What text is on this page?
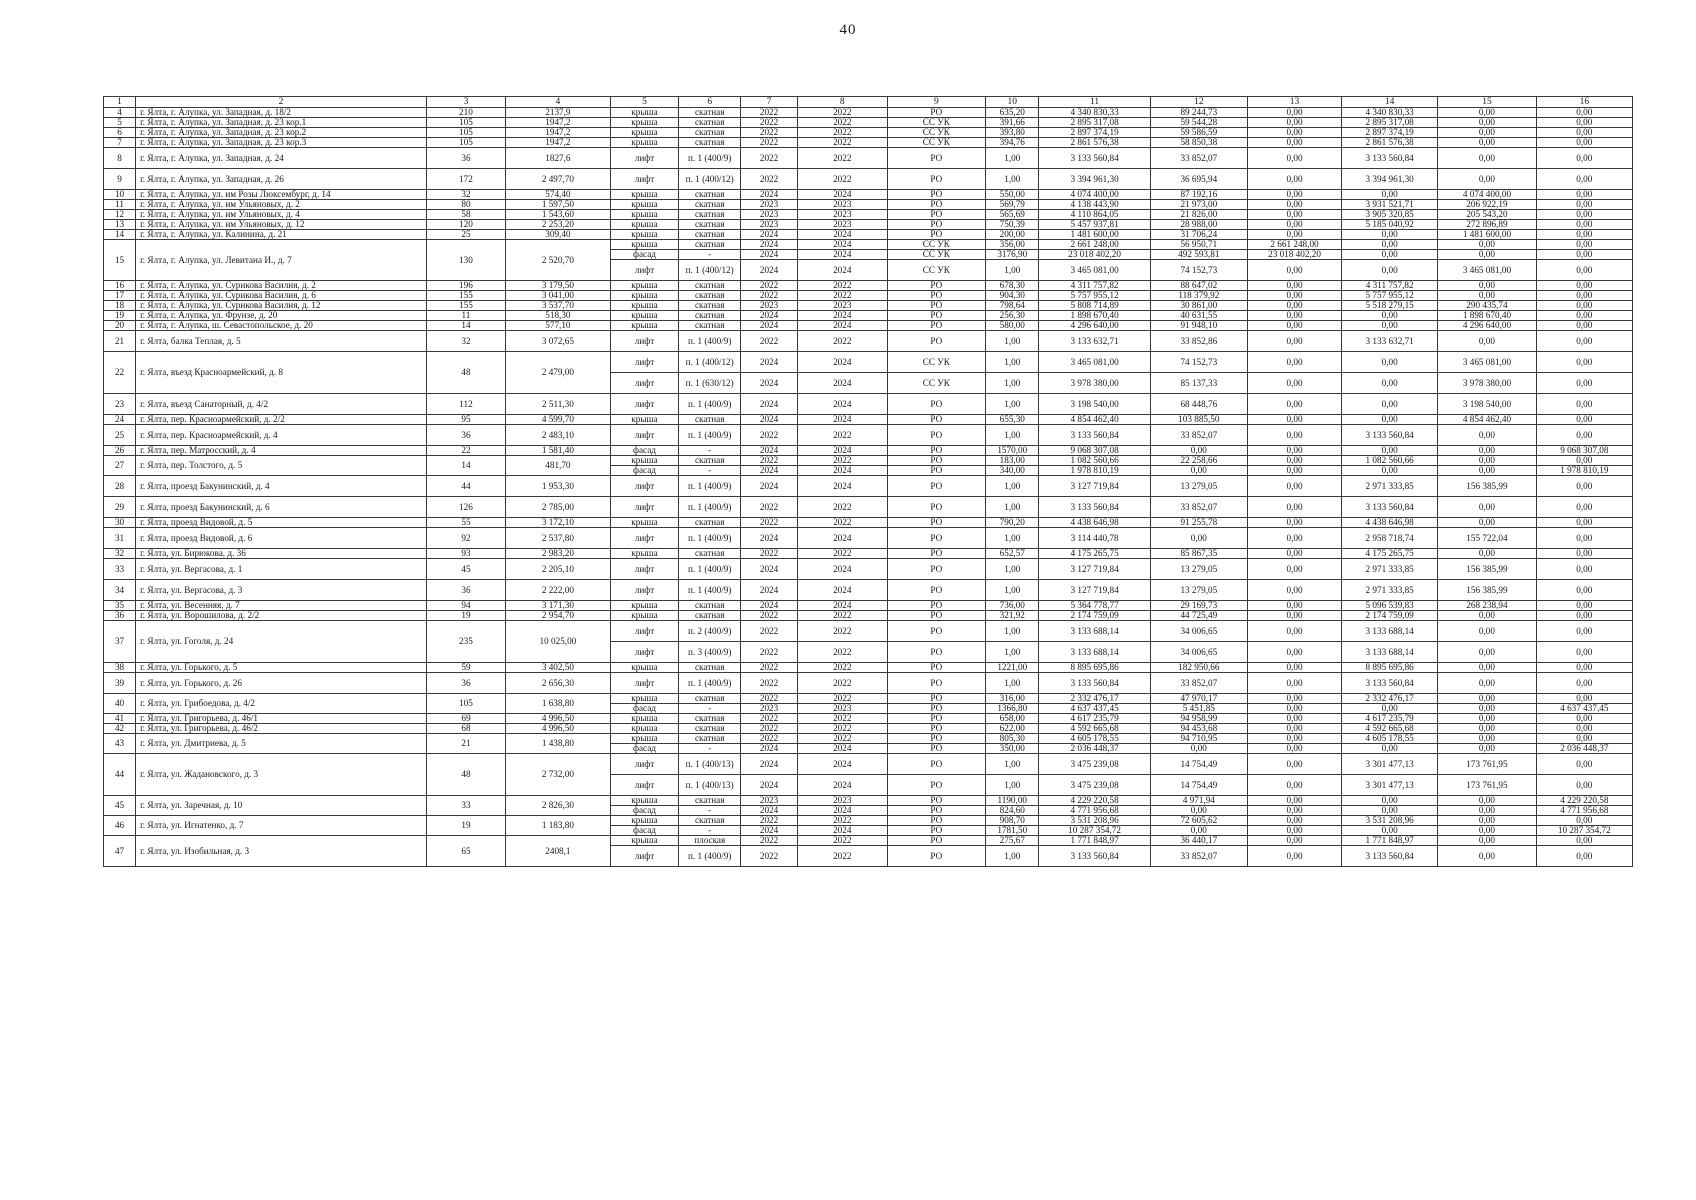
40
1	2	3	4	5	6	7	8	9	10	11	12	13	14	15	16
4	г. Ялта, г. Алупка, ул. Западная, д. 18/2	210	2137,9	крыша	скатная	2022	2022	РО	635,20	4 340 830,33	89 244,73	0,00	4 340 830,33	0,00	0,00
5	г. Ялта, г. Алупка, ул. Западная, д. 23 кор.1	105	1947,2	крыша	скатная	2022	2022	СС УК	391,66	2 895 317,08	59 544,28	0,00	2 895 317,08	0,00	0,00
6	г. Ялта, г. Алупка, ул. Западная, д. 23 кор.2	105	1947,2	крыша	скатная	2022	2022	СС УК	393,80	2 897 374,19	59 586,59	0,00	2 897 374,19	0,00	0,00
7	г. Ялта, г. Алупка, ул. Западная, д. 23 кор.3	105	1947,2	крыша	скатная	2022	2022	СС УК	394,76	2 861 576,38	58 850,38	0,00	2 861 576,38	0,00	0,00
8	г. Ялта, г. Алупка, ул. Западная, д. 24	36	1827,6	лифт	п. 1 (400/9)	2022	2022	РО	1,00	3 133 560,84	33 852,07	0,00	3 133 560,84	0,00	0,00
9	г. Ялта, г. Алупка, ул. Западная, д. 26	172	2 497,70	лифт	п. 1 (400/12)	2022	2022	РО	1,00	3 394 961,30	36 695,94	0,00	3 394 961,30	0,00	0,00
10	г. Ялта, г. Алупка, ул. им Розы Люксембург, д. 14	32	574,40	крыша	скатная	2024	2024	РО	550,00	4 074 400,00	87 192,16	0,00	0,00	4 074 400,00	0,00
11	г. Ялта, г. Алупка, ул. им Ульяновых, д. 2	80	1 597,50	крыша	скатная	2023	2023	РО	569,79	4 138 443,90	21 973,00	0,00	3 931 521,71	206 922,19	0,00
12	г. Ялта, г. Алупка, ул. им Ульяновых, д. 4	58	1 543,60	крыша	скатная	2023	2023	РО	565,69	4 110 864,05	21 826,00	0,00	3 905 320,85	205 543,20	0,00
13	г. Ялта, г. Алупка, ул. им Ульяновых, д. 12	120	2 253,20	крыша	скатная	2023	2023	РО	750,39	5 457 937,81	28 988,00	0,00	5 185 040,92	272 896,89	0,00
14	г. Ялта, г. Алупка, ул. Калинина, д. 21	25	309,40	крыша	скатная	2024	2024	РО	200,00	1 481 600,00	31 706,24	0,00	0,00	1 481 600,00	0,00
15	г. Ялта, г. Алупка, ул. Левитана И., д. 7	130	2 520,70	крыша	скатная	2024	2024	СС УК	356,00	2 661 248,00	56 950,71	2 661 248,00	0,00	0,00	0,00
				фасад	-	2024	2024	СС УК	3176,90	23 018 402,20	492 593,81	23 018 402,20	0,00	0,00	0,00
				лифт	п. 1 (400/12)	2024	2024	СС УК	1,00	3 465 081,00	74 152,73	0,00	0,00	3 465 081,00	0,00
16	г. Ялта, г. Алупка, ул. Сурикова Василия, д. 2	196	3 179,50	крыша	скатная	2022	2022	РО	678,30	4 311 757,82	88 647,02	0,00	4 311 757,82	0,00	0,00
17	г. Ялта, г. Алупка, ул. Сурикова Василия, д. 6	155	3 041,00	крыша	скатная	2022	2022	РО	904,30	5 757 955,12	118 379,92	0,00	5 757 955,12	0,00	0,00
18	г. Ялта, г. Алупка, ул. Сурикова Василия, д. 12	155	3 537,70	крыша	скатная	2023	2023	РО	798,64	5 808 714,89	30 861,00	0,00	5 518 279,15	290 435,74	0,00
19	г. Ялта, г. Алупка, ул. Фрунзе, д. 20	11	518,30	крыша	скатная	2024	2024	РО	256,30	1 898 670,40	40 631,55	0,00	0,00	1 898 670,40	0,00
20	г. Ялта, г. Алупка, ш. Севастопольское, д. 20	14	577,10	крыша	скатная	2024	2024	РО	580,00	4 296 640,00	91 948,10	0,00	0,00	4 296 640,00	0,00
21	г. Ялта, балка Теплая, д. 5	32	3 072,65	лифт	п. 1 (400/9)	2022	2022	РО	1,00	3 133 632,71	33 852,86	0,00	3 133 632,71	0,00	0,00
22	г. Ялта, въезд Красноармейский, д. 8	48	2 479,00	лифт	п. 1 (400/12)	2024	2024	СС УК	1,00	3 465 081,00	74 152,73	0,00	0,00	3 465 081,00	0,00
				лифт	п. 1 (630/12)	2024	2024	СС УК	1,00	3 978 380,00	85 137,33	0,00	0,00	3 978 380,00	0,00
23	г. Ялта, въезд Санаторный, д. 4/2	112	2 511,30	лифт	п. 1 (400/9)	2024	2024	РО	1,00	3 198 540,00	68 448,76	0,00	0,00	3 198 540,00	0,00
24	г. Ялта, пер. Красноармейский, д. 2/2	95	4 599,70	крыша	скатная	2024	2024	РО	655,30	4 854 462,40	103 885,50	0,00	0,00	4 854 462,40	0,00
25	г. Ялта, пер. Красноармейский, д. 4	36	2 483,10	лифт	п. 1 (400/9)	2022	2022	РО	1,00	3 133 560,84	33 852,07	0,00	3 133 560,84	0,00	0,00
26	г. Ялта, пер. Матросский, д. 4	22	1 581,40	фасад	-	2024	2024	РО	1570,00	9 068 307,08	0,00	0,00	0,00	0,00	9 068 307,08
27	г. Ялта, пер. Толстого, д. 5	14	481,70	крыша	скатная	2022	2022	РО	183,00	1 082 560,66	22 258,66	0,00	1 082 560,66	0,00	0,00
				фасад	-	2024	2024	РО	340,00	1 978 810,19	0,00	0,00	0,00	0,00	1 978 810,19
28	г. Ялта, проезд Бакунинский, д. 4	44	1 953,30	лифт	п. 1 (400/9)	2024	2024	РО	1,00	3 127 719,84	13 279,05	0,00	2 971 333,85	156 385,99	0,00
29	г. Ялта, проезд Бакунинский, д. 6	126	2 785,00	лифт	п. 1 (400/9)	2022	2022	РО	1,00	3 133 560,84	33 852,07	0,00	3 133 560,84	0,00	0,00
30	г. Ялта, проезд Видовой, д. 5	55	3 172,10	крыша	скатная	2022	2022	РО	790,20	4 438 646,98	91 255,78	0,00	4 438 646,98	0,00	0,00
31	г. Ялта, проезд Видовой, д. 6	92	2 537,80	лифт	п. 1 (400/9)	2024	2024	РО	1,00	3 114 440,78	0,00	0,00	2 958 718,74	155 722,04	0,00
32	г. Ялта, ул. Бирюкова, д. 36	93	2 983,20	крыша	скатная	2022	2022	РО	652,57	4 175 265,75	85 867,35	0,00	4 175 265,75	0,00	0,00
33	г. Ялта, ул. Вергасова, д. 1	45	2 205,10	лифт	п. 1 (400/9)	2024	2024	РО	1,00	3 127 719,84	13 279,05	0,00	2 971 333,85	156 385,99	0,00
34	г. Ялта, ул. Вергасова, д. 3	36	2 222,00	лифт	п. 1 (400/9)	2024	2024	РО	1,00	3 127 719,84	13 279,05	0,00	2 971 333,85	156 385,99	0,00
35	г. Ялта, ул. Весенняя, д. 7	94	3 171,30	крыша	скатная	2024	2024	РО	736,00	5 364 778,77	29 169,73	0,00	5 096 539,83	268 238,94	0,00
36	г. Ялта, ул. Ворошилова, д. 2/2	19	2 954,70	крыша	скатная	2022	2022	РО	321,92	2 174 759,09	44 725,49	0,00	2 174 759,09	0,00	0,00
37	г. Ялта, ул. Гоголя, д. 24	235	10 025,00	лифт	п. 2 (400/9)	2022	2022	РО	1,00	3 133 688,14	34 006,65	0,00	3 133 688,14	0,00	0,00
				лифт	п. 3 (400/9)	2022	2022	РО	1,00	3 133 688,14	34 006,65	0,00	3 133 688,14	0,00	0,00
38	г. Ялта, ул. Горького, д. 5	59	3 402,50	крыша	скатная	2022	2022	РО	1221,00	8 895 695,86	182 950,66	0,00	8 895 695,86	0,00	0,00
39	г. Ялта, ул. Горького, д. 26	36	2 656,30	лифт	п. 1 (400/9)	2022	2022	РО	1,00	3 133 560,84	33 852,07	0,00	3 133 560,84	0,00	0,00
40	г. Ялта, ул. Грибоедова, д. 4/2	105	1 638,80	крыша	скатная	2022	2022	РО	316,00	2 332 476,17	47 970,17	0,00	2 332 476,17	0,00	0,00
				фасад	-	2023	2023	РО	1366,80	4 637 437,45	5 451,85	0,00	0,00	0,00	4 637 437,45
41	г. Ялта, ул. Григорьева, д. 46/1	69	4 996,50	крыша	скатная	2022	2022	РО	658,00	4 617 235,79	94 958,99	0,00	4 617 235,79	0,00	0,00
42	г. Ялта, ул. Григорьева, д. 46/2	68	4 996,50	крыша	скатная	2022	2022	РО	622,00	4 592 665,68	94 453,68	0,00	4 592 665,68	0,00	0,00
43	г. Ялта, ул. Дмитриева, д. 5	21	1 438,80	крыша	скатная	2022	2022	РО	805,30	4 605 178,55	94 710,95	0,00	4 605 178,55	0,00	0,00
				фасад	-	2024	2024	РО	350,00	2 036 448,37	0,00	0,00	0,00	0,00	2 036 448,37
44	г. Ялта, ул. Жадановского, д. 3	48	2 732,00	лифт	п. 1 (400/13)	2024	2024	РО	1,00	3 475 239,08	14 754,49	0,00	3 301 477,13	173 761,95	0,00
				лифт	п. 1 (400/13)	2024	2024	РО	1,00	3 475 239,08	14 754,49	0,00	3 301 477,13	173 761,95	0,00
45	г. Ялта, ул. Заречная, д. 10	33	2 826,30	крыша	скатная	2023	2023	РО	1190,00	4 229 220,58	4 971,94	0,00	0,00	0,00	4 229 220,58
				фасад	-	2024	2024	РО	824,60	4 771 956,68	0,00	0,00	0,00	0,00	4 771 956,68
46	г. Ялта, ул. Игнатенко, д. 7	19	1 183,80	крыша	скатная	2022	2022	РО	908,70	3 531 208,96	72 605,62	0,00	3 531 208,96	0,00	0,00
				фасад	-	2024	2024	РО	1781,50	10 287 354,72	0,00	0,00	0,00	0,00	10 287 354,72
47	г. Ялта, ул. Изобильная, д. 3	65	2408,1	крыша	плоская	2022	2022	РО	275,67	1 771 848,97	36 440,17	0,00	1 771 848,97	0,00	0,00
				лифт	п. 1 (400/9)	2022	2022	РО	1,00	3 133 560,84	33 852,07	0,00	3 133 560,84	0,00	0,00
